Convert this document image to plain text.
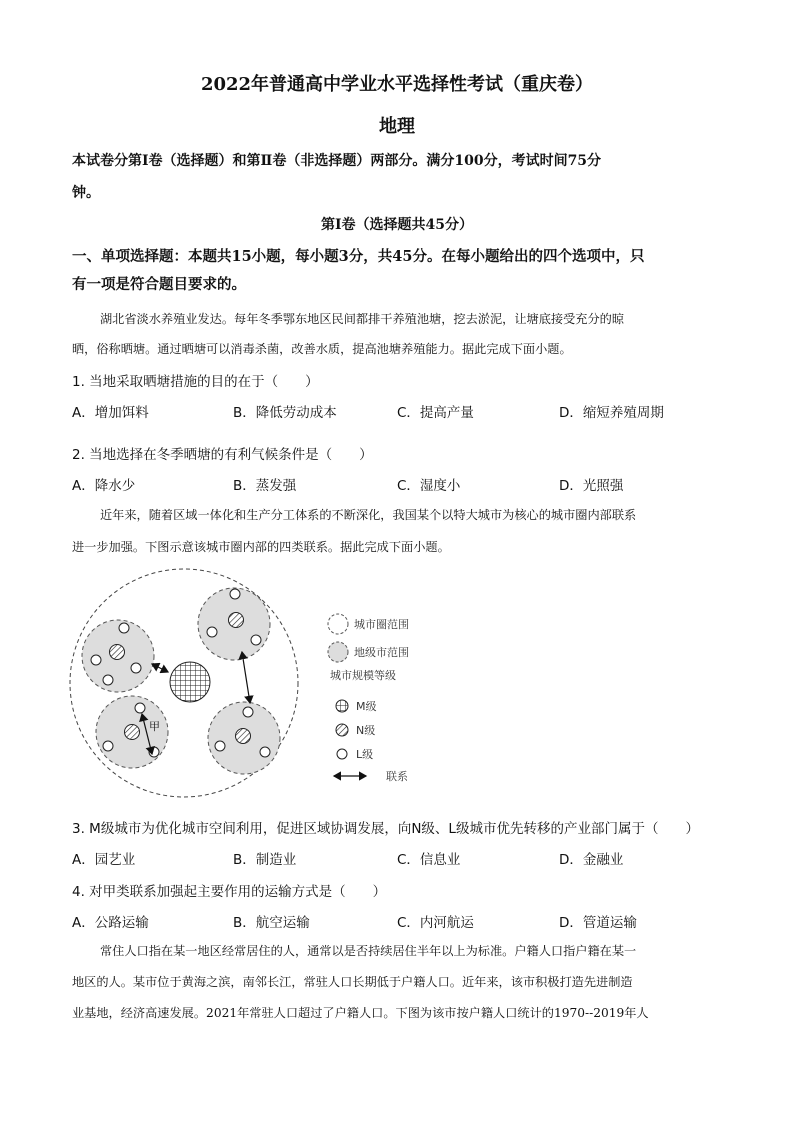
2022年普通高中学业水平选择性考试（重庆卷）
地理
本试卷分第Ⅰ卷（选择题）和第Ⅱ卷（非选择题）两部分。满分100分，考试时间75分
钟。
第Ⅰ卷（选择题共45分）
一、单项选择题：本题共15小题，每小题3分，共45分。在每小题给出的四个选项中，只
有一项是符合题目要求的。
湖北省淡水养殖业发达。每年冬季鄂东地区民间都排干养殖池塘，挖去淤泥，让塘底接受充分的晾
晒，俗称晒塘。通过晒塘可以消毒杀菌，改善水质，提高池塘养殖能力。据此完成下面小题。
1. 当地采取晒塘措施的目的在于（　　）
A．增加饵料	B．降低劳动成本	C．提高产量	D．缩短养殖周期
2. 当地选择在冬季晒塘的有利气候条件是（　　）
A．降水少	B．蒸发强	C．湿度小	D．光照强
近年来，随着区域一体化和生产分工体系的不断深化，我国某个以特大城市为核心的城市圈内部联系
进一步加强。下图示意该城市圈内部的四类联系。据此完成下面小题。
甲
城市圈范围
地级市范围
城市规模等级
M级
N级
L级
联系
3. M级城市为优化城市空间利用，促进区域协调发展，向N级、L级城市优先转移的产业部门属于（　　）
A．园艺业	B．制造业	C．信息业	D．金融业
4. 对甲类联系加强起主要作用的运输方式是（　　）
A．公路运输	B．航空运输	C．内河航运	D．管道运输
常住人口指在某一地区经常居住的人，通常以是否持续居住半年以上为标准。户籍人口指户籍在某一
地区的人。某市位于黄海之滨，南邻长江，常驻人口长期低于户籍人口。近年来，该市积极打造先进制造
业基地，经济高速发展。2021年常驻人口超过了户籍人口。下图为该市按户籍人口统计的1970--2019年人
